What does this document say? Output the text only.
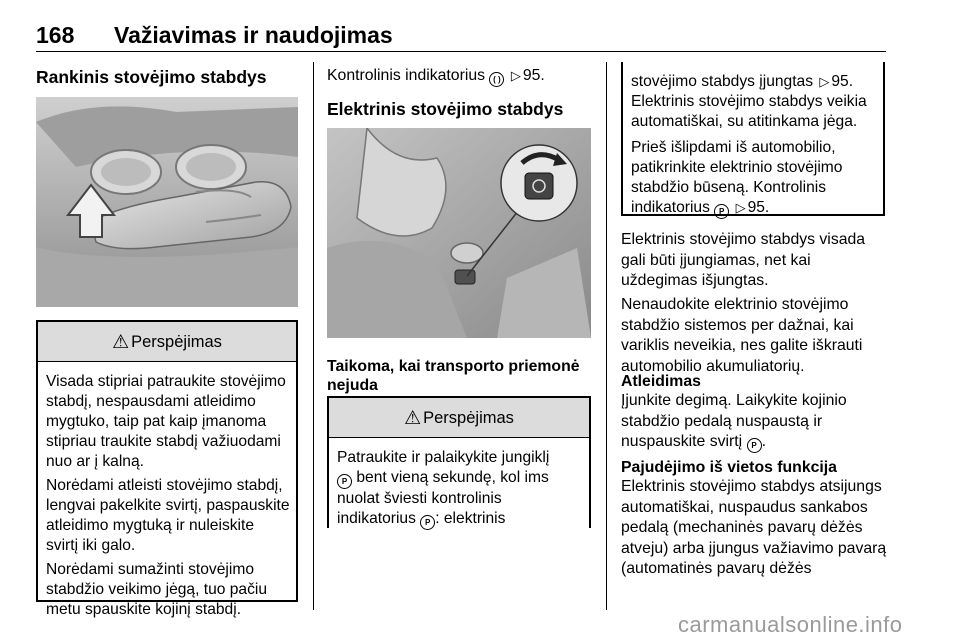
168 Važiavimas ir naudojimas
Rankinis stovėjimo stabdys
⚠ Perspėjimas

Visada stipriai patraukite stovėjimo stabdį, nespausdami atleidimo mygtuko, taip pat kaip įmanoma stipriau traukite stabdį važiuodami nuo ar į kalną.

Norėdami atleisti stovėjimo stabdį, lengvai pakelkite svirtį, paspauskite atleidimo mygtuką ir nuleiskite svirtį iki galo.

Norėdami sumažinti stovėjimo stabdžio veikimo jėgą, tuo pačiu metu spauskite kojinį stabdį.

Kontrolinis indikatorius ( ) ▷ 95.
Elektrinis stovėjimo stabdys
Taikoma, kai transporto priemonė nejuda
⚠ Perspėjimas
Patraukite ir palaikykite jungiklį
P bent vieną sekundę, kol ims
nuolat šviesti kontrolinis
indikatorius P : elektrinis
stovėjimo stabdys įjungtas ▷ 95.
Elektrinis stovėjimo stabdys veikia
automatiškai, su atitinkama jėga.
Prieš išlipdami iš automobilio, patikrinkite elektrinio stovėjimo stabdžio būseną. Kontrolinis
indikatorius P ▷ 95.
Elektrinis stovėjimo stabdys visada gali būti įjungiamas, net kai uždegimas išjungtas.
Nenaudokite elektrinio stovėjimo stabdžio sistemos per dažnai, kai variklis neveikia, nes galite iškrauti automobilio akumuliatorių.
Atleidimas
Įjunkite degimą. Laikykite kojinio stabdžio pedalą nuspaustą ir nuspauskite svirtį P .
Pajudėjimo iš vietos funkcija
Elektrinis stovėjimo stabdys atsijungs automatiškai, nuspaudus sankabos pedalą (mechaninės pavarų dėžės atveju) arba įjungus važiavimo pavarą (automatinės pavarų dėžės
carmanualsonline.info
